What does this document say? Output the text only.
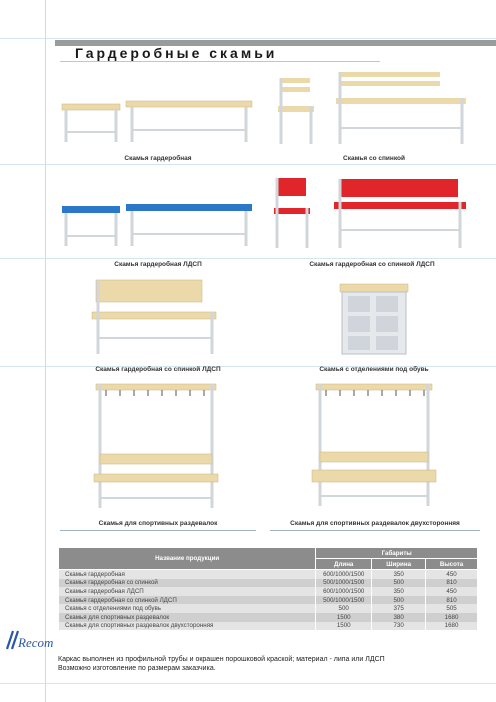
Гардеробные скамьи
Скамья гардеробная	Скамья со спинкой
Скамья гардеробная ЛДСП	Скамья гардеробная со спинкой ЛДСП
Скамья гардеробная со спинкой ЛДСП	Скамья с отделениями под обувь
Скамья для спортивных раздевалок	Скамья для спортивных раздевалок двухсторонняя
Название продукции	Габариты		
	Длина	Ширина	Высота
Скамья гардеробная	600/1000/1500	350	450
Скамья гардеробная со спинкой	500/1000/1500	500	810
Скамья гардеробная ЛДСП	600/1000/1500	350	450
Скамья гардеробная со спинкой ЛДСП	500/1000/1500	500	810
Скамья с отделениями под обувь	500	375	505
Скамья для спортивных раздевалок	1500	380	1680
Скамья для спортивных раздевалок двухсторонняя	1500	730	1680
Recom
Каркас выполнен из профильной трубы и окрашен порошковой краской; материал - липа или ЛДСП
Возможно изготовление по размерам заказчика.
